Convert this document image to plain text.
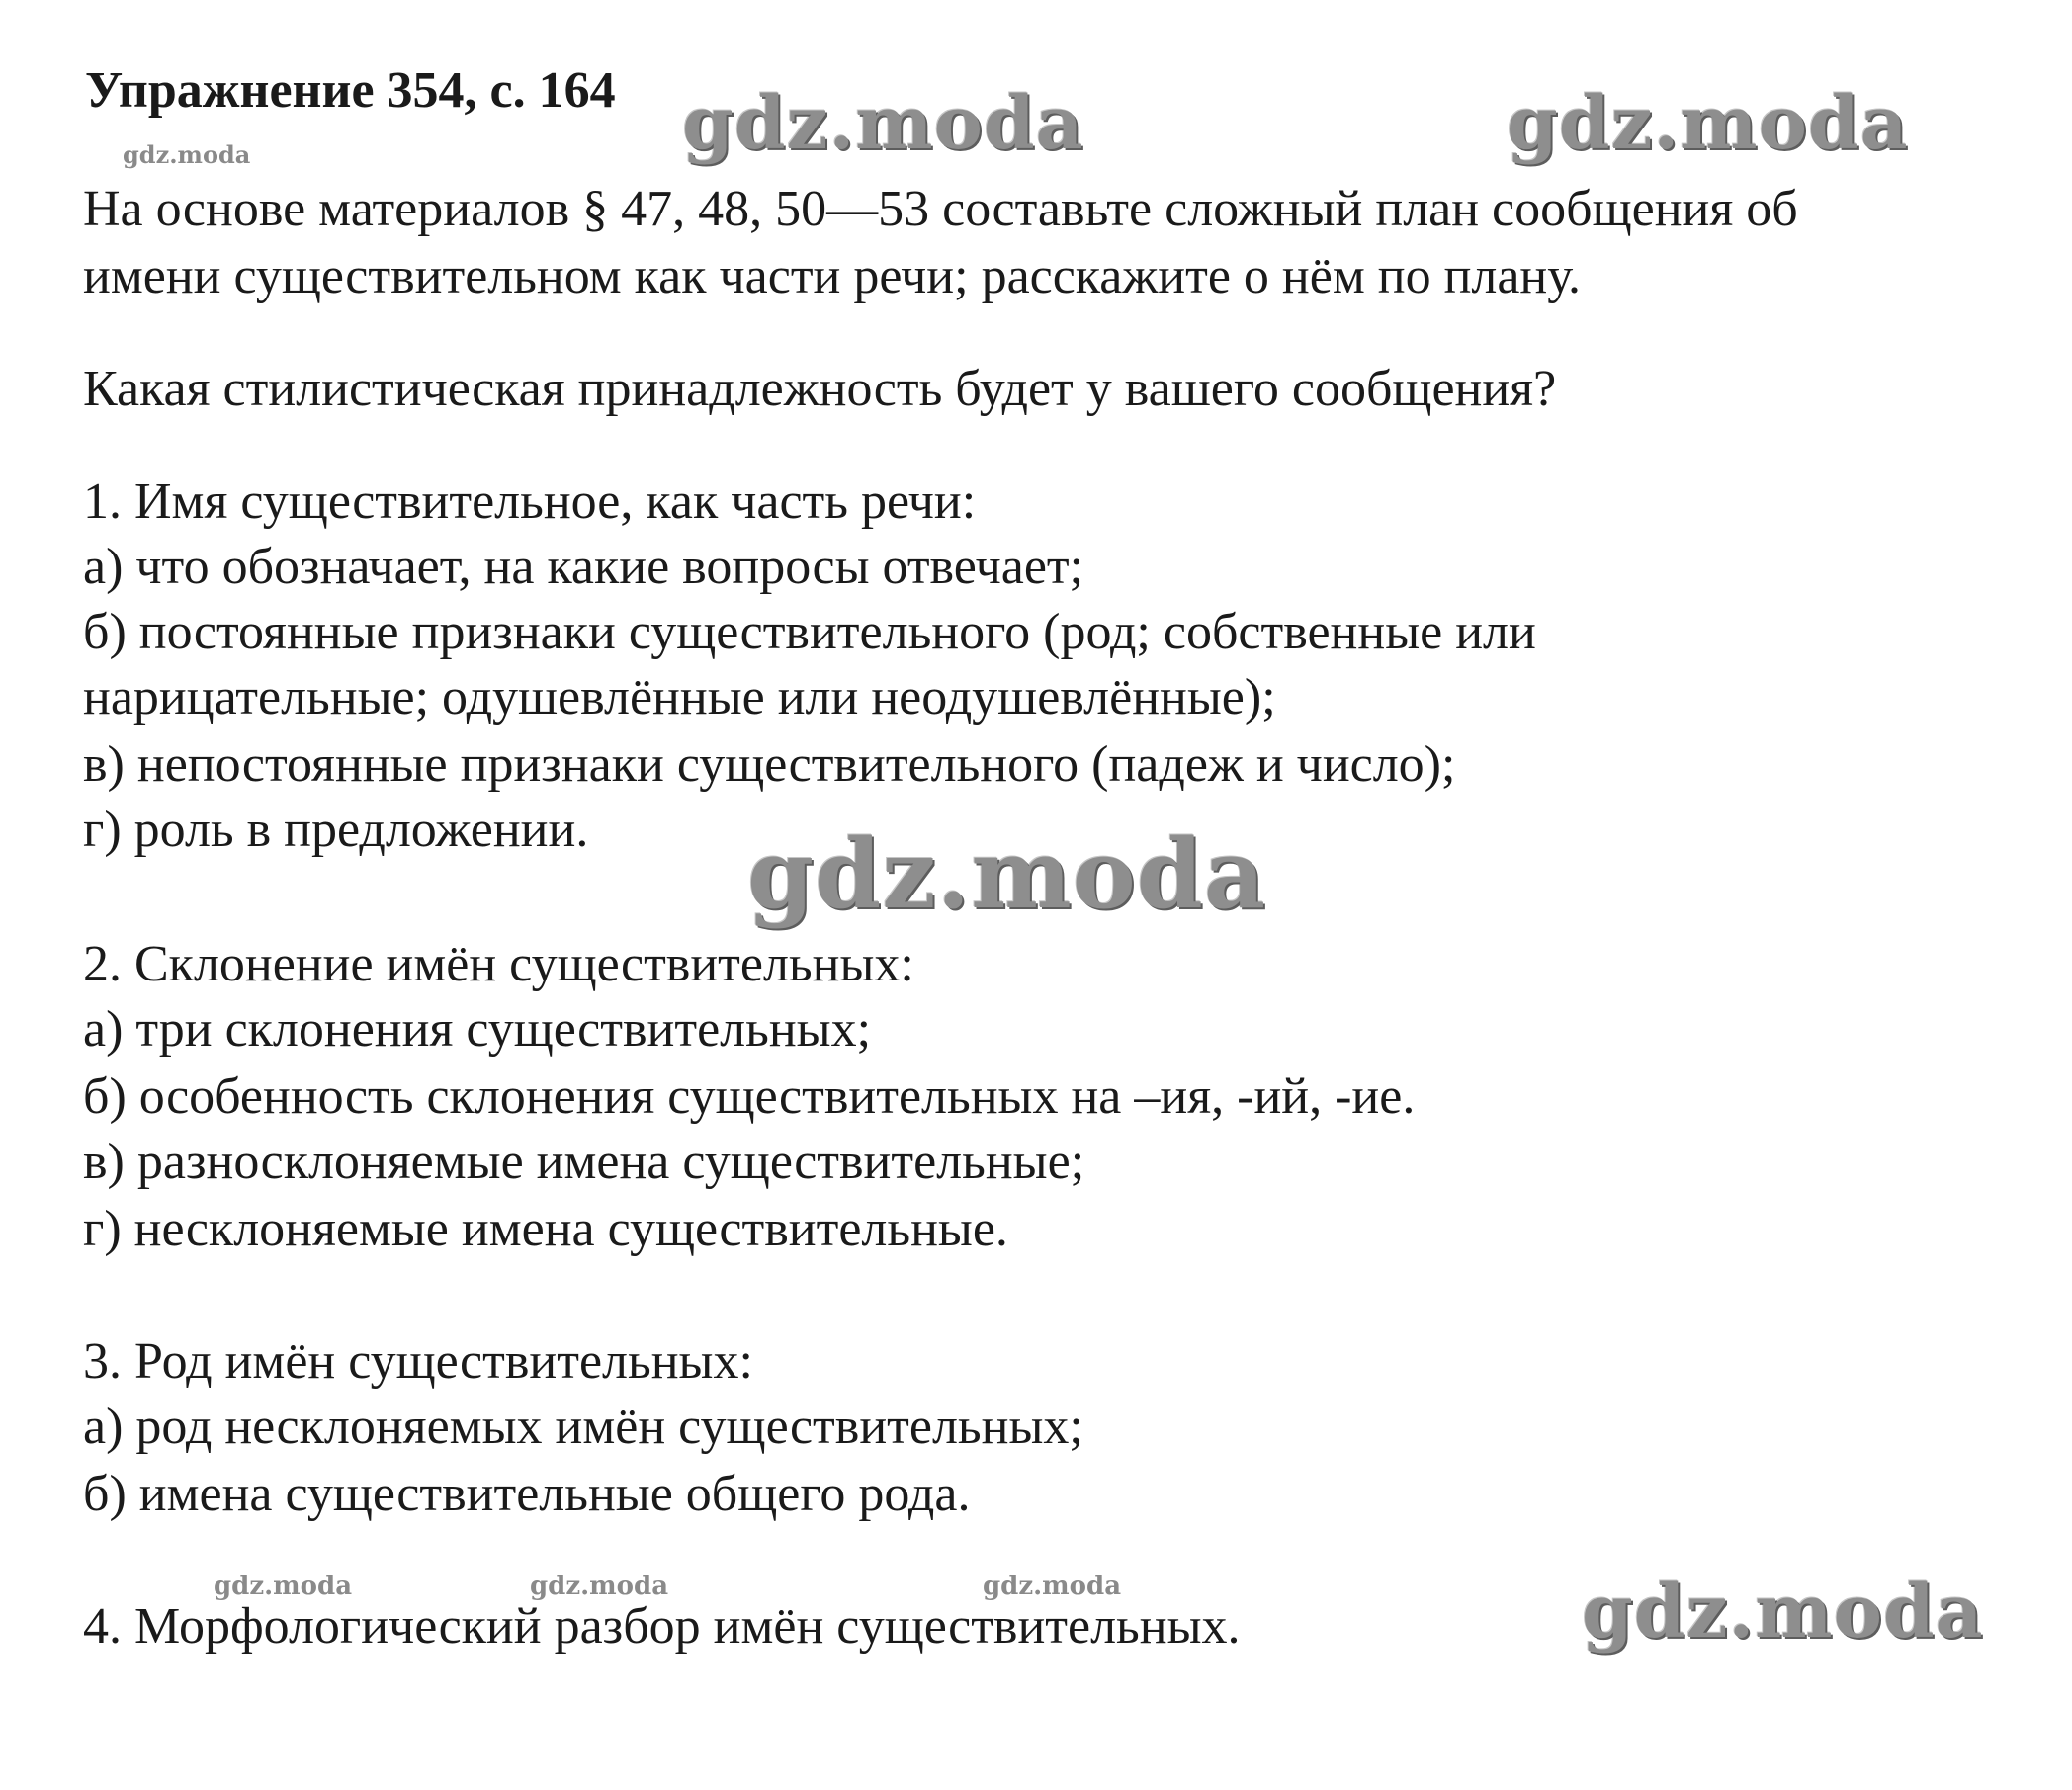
Упражнение 354, с. 164 gdz.moda	gdz.moda
gdz.moda
На основе материалов § 47, 48, 50—53 составьте сложный план сообщения об
имени существительном как части речи; расскажите о нём по плану.
Какая стилистическая принадлежность будет у вашего сообщения?
1. Имя существительное, как часть речи:
а) что обозначает, на какие вопросы отвечает;
б) постоянные признаки существительного (род; собственные или
нарицательные; одушевлённые или неодушевлённые);
в) непостоянные признаки существительного (падеж и число);
г) роль в предложении. gdz.moda
2. Склонение имён существительных:
а) три склонения существительных;
б) особенность склонения существительных на –ия, -ий, -ие.
в) разносклоняемые имена существительные;
г) несклоняемые имена существительные.
3. Род имён существительных:
а) род несклоняемых имён существительных;
б) имена существительные общего рода.
gdz.moda	gdz.moda	gdz.moda
4. Морфологический разбор имён существительных.	gdz.moda
